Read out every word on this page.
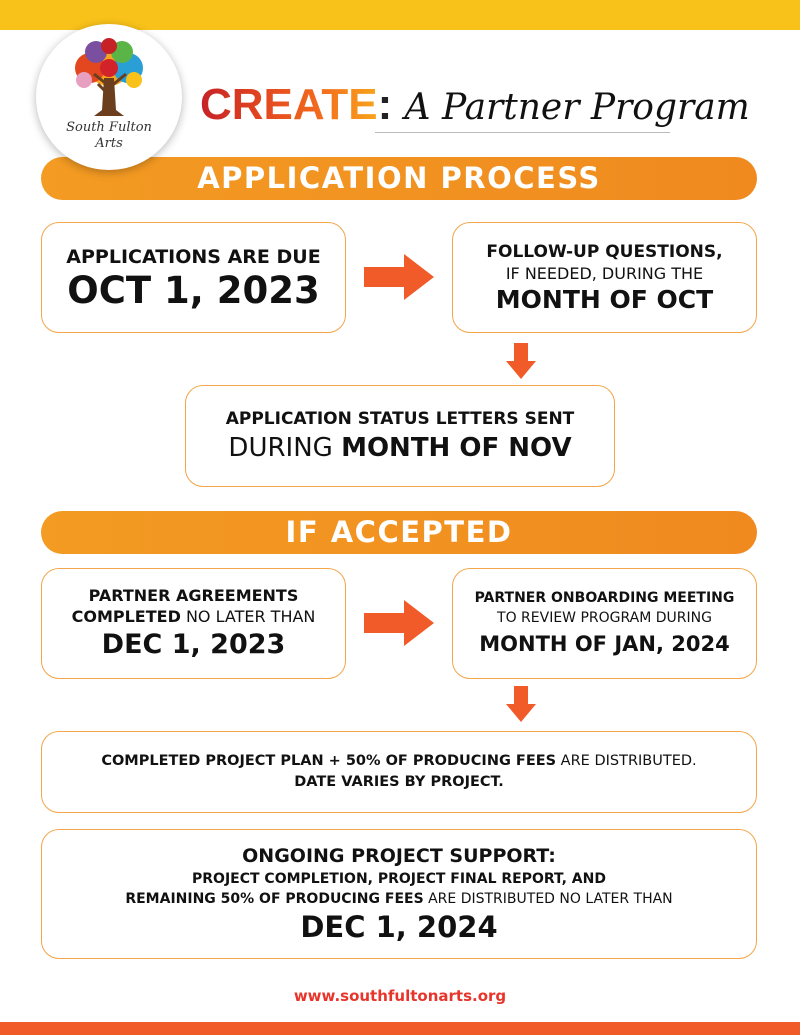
South Fulton
Arts
CREATE: A Partner Program
APPLICATION PROCESS
APPLICATIONS ARE DUE
OCT 1, 2023
FOLLOW-UP QUESTIONS,
IF NEEDED, DURING THE
MONTH OF OCT
APPLICATION STATUS LETTERS SENT
DURING MONTH OF NOV
IF ACCEPTED
PARTNER AGREEMENTS
COMPLETED NO LATER THAN
DEC 1, 2023
PARTNER ONBOARDING MEETING
TO REVIEW PROGRAM DURING
MONTH OF JAN, 2024
COMPLETED PROJECT PLAN + 50% OF PRODUCING FEES ARE DISTRIBUTED.
DATE VARIES BY PROJECT.
ONGOING PROJECT SUPPORT:
PROJECT COMPLETION, PROJECT FINAL REPORT, AND
REMAINING 50% OF PRODUCING FEES ARE DISTRIBUTED NO LATER THAN
DEC 1, 2024
www.southfultonarts.org
